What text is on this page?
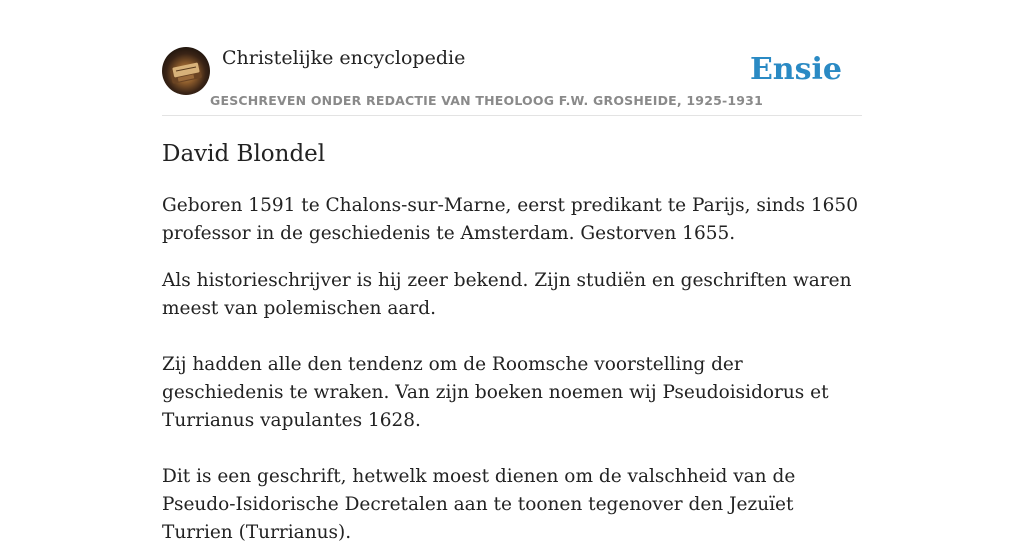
Christelijke encyclopedie
GESCHREVEN ONDER REDACTIE VAN THEOLOOG F.W. GROSHEIDE, 1925-1931
Ensie
David Blondel

Geboren 1591 te Chalons-sur-Marne, eerst predikant te Parijs, sinds 1650 professor in de geschiedenis te Amsterdam. Gestorven 1655.

Als historieschrijver is hij zeer bekend. Zijn studiën en geschriften waren meest van polemischen aard.

Zij hadden alle den tendenz om de Roomsche voorstelling der geschiedenis te wraken. Van zijn boeken noemen wij Pseudoisidorus et Turrianus vapulantes 1628.

Dit is een geschrift, hetwelk moest dienen om de valschheid van de Pseudo-Isidorische Decretalen aan te toonen tegenover den Jezuïet Turrien (Turrianus).
